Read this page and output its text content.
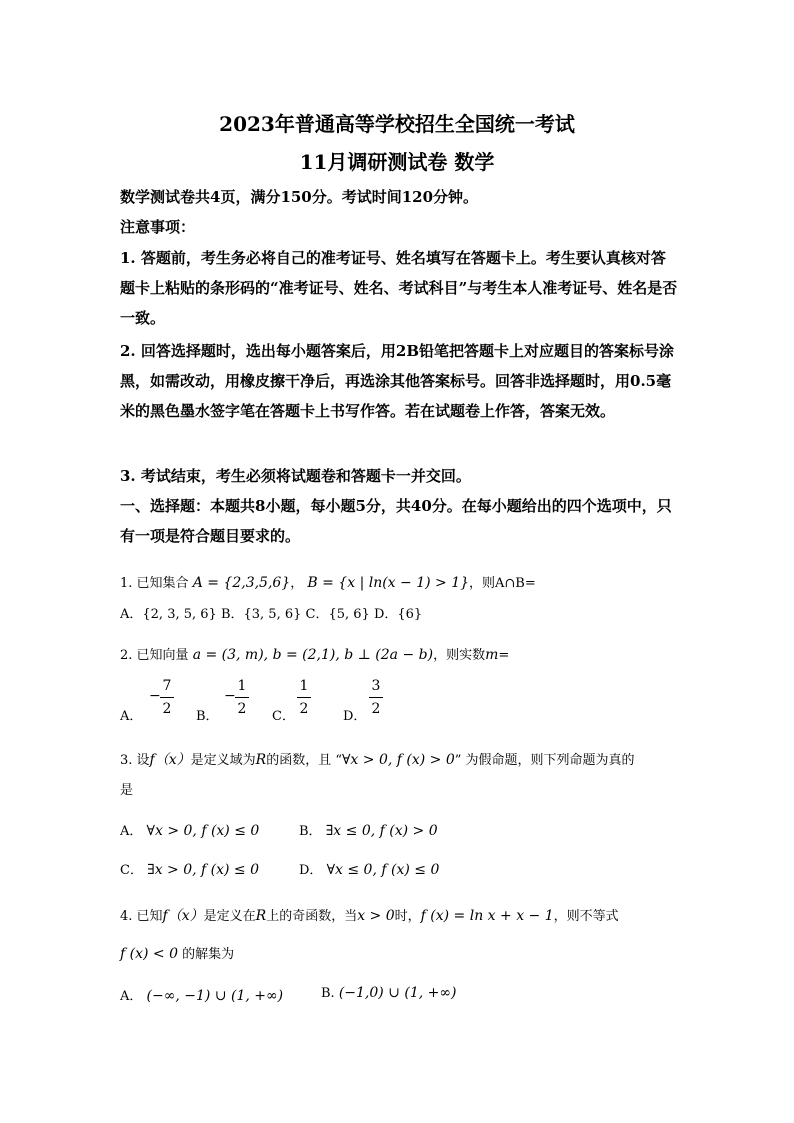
2023年普通高等学校招生全国统一考试
11月调研测试卷 数学
数学测试卷共4页，满分150分。考试时间120分钟。
注意事项：
1. 答题前，考生务必将自己的准考证号、姓名填写在答题卡上。考生要认真核对答题卡上粘贴的条形码的“准考证号、姓名、考试科目”与考生本人准考证号、姓名是否一致。
2. 回答选择题时，选出每小题答案后，用2B铅笔把答题卡上对应题目的答案标号涂黑，如需改动，用橡皮擦干净后，再选涂其他答案标号。回答非选择题时，用0.5毫米的黑色墨水签字笔在答题卡上书写作答。若在试题卷上作答，答案无效。
3. 考试结束，考生必须将试题卷和答题卡一并交回。
一、选择题：本题共8小题，每小题5分，共40分。在每小题给出的四个选项中，只有一项是符合题目要求的。
1. 已知集合 A = {2,3,5,6}， B = {x | ln(x − 1) > 1}，则A∩B=
A．{2, 3, 5, 6} B．{3, 5, 6} C．{5, 6} D．{6}
2. 已知向量 a = (3, m), b = (2,1), b ⊥ (2a − b)，则实数m=
A．	B．	C．	D．
−
7
2
−
1
2
1
2
3
2
3. 设f（x）是定义域为R的函数，且 “∀x > 0, f (x) > 0” 为假命题，则下列命题为真的
是
A． ∀x > 0, f (x) ≤ 0	B． ∃x ≤ 0, f (x) > 0
C． ∃x > 0, f (x) ≤ 0	D． ∀x ≤ 0, f (x) ≤ 0
4. 已知f（x）是定义在R上的奇函数，当x > 0时，f (x) = ln x + x − 1，则不等式
f (x) < 0 的解集为
A． (−∞, −1) ∪ (1, +∞)	B. (−1,0) ∪ (1, +∞)
